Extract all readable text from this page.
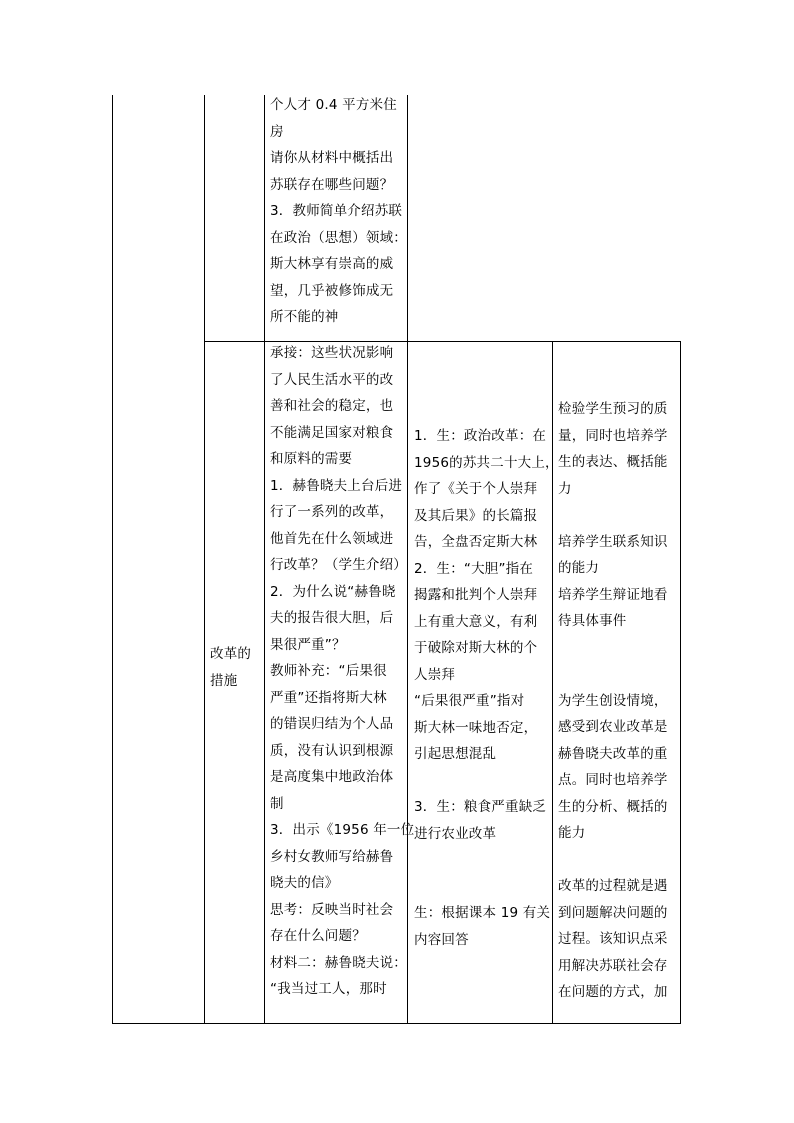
个人才 0.4 平方米住
房
请你从材料中概括出
苏联存在哪些问题？
3．教师简单介绍苏联
在政治（思想）领域：
斯大林享有崇高的威
望，几乎被修饰成无
所不能的神
改革的
措施
承接：这些状况影响
了人民生活水平的改
善和社会的稳定，也
不能满足国家对粮食
和原料的需要
1．赫鲁晓夫上台后进
行了一系列的改革，
他首先在什么领域进
行改革？（学生介绍）
2．为什么说“赫鲁晓
夫的报告很大胆，后
果很严重”？
教师补充：“后果很
严重”还指将斯大林
的错误归结为个人品
质，没有认识到根源
是高度集中地政治体
制
3．出示《1956 年一位
乡村女教师写给赫鲁
晓夫的信》
思考：反映当时社会
存在什么问题？
材料二：赫鲁晓夫说：
“我当过工人，那时
1．生：政治改革：在
1956的苏共二十大上，
作了《关于个人崇拜
及其后果》的长篇报
告，全盘否定斯大林
2．生：“大胆”指在
揭露和批判个人崇拜
上有重大意义，有利
于破除对斯大林的个
人崇拜
“后果很严重”指对
斯大林一味地否定，
引起思想混乱
3．生：粮食严重缺乏
进行农业改革
生：根据课本 19 有关
内容回答
检验学生预习的质
量，同时也培养学
生的表达、概括能
力
培养学生联系知识
的能力
培养学生辩证地看
待具体事件
为学生创设情境，
感受到农业改革是
赫鲁晓夫改革的重
点。同时也培养学
生的分析、概括的
能力
改革的过程就是遇
到问题解决问题的
过程。该知识点采
用解决苏联社会存
在问题的方式，加
